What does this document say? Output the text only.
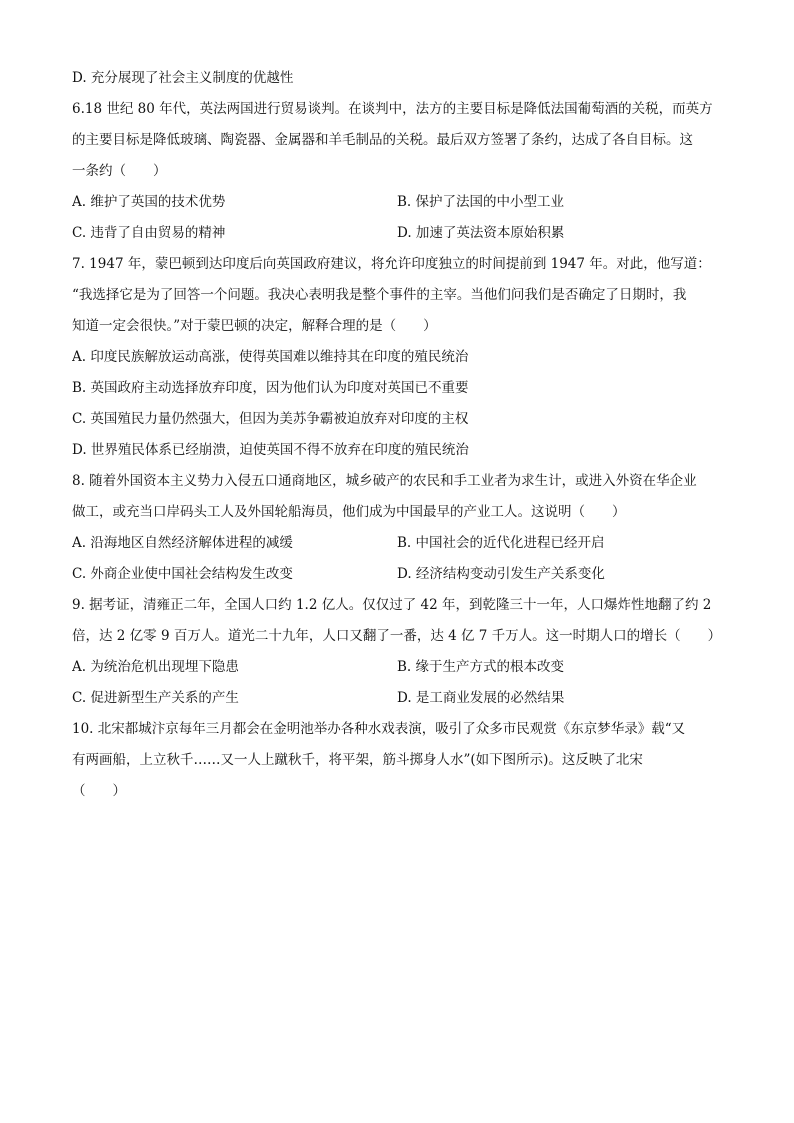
D. 充分展现了社会主义制度的优越性
6.18 世纪 80 年代，英法两国进行贸易谈判。在谈判中，法方的主要目标是降低法国葡萄酒的关税，而英方
的主要目标是降低玻璃、陶瓷器、金属器和羊毛制品的关税。最后双方签署了条约，达成了各自目标。这
一条约（　　）
A. 维护了英国的技术优势	B. 保护了法国的中小型工业
C. 违背了自由贸易的精神	D. 加速了英法资本原始积累
7. 1947 年，蒙巴顿到达印度后向英国政府建议，将允许印度独立的时间提前到 1947 年。对此，他写道：
“我选择它是为了回答一个问题。我决心表明我是整个事件的主宰。当他们问我们是否确定了日期时，我
知道一定会很快。”对于蒙巴顿的决定，解释合理的是（　　）
A. 印度民族解放运动高涨，使得英国难以维持其在印度的殖民统治
B. 英国政府主动选择放弃印度，因为他们认为印度对英国已不重要
C. 英国殖民力量仍然强大，但因为美苏争霸被迫放弃对印度的主权
D. 世界殖民体系已经崩溃，迫使英国不得不放弃在印度的殖民统治
8. 随着外国资本主义势力入侵五口通商地区，城乡破产的农民和手工业者为求生计，或进入外资在华企业
做工，或充当口岸码头工人及外国轮船海员，他们成为中国最早的产业工人。这说明（　　）
A. 沿海地区自然经济解体进程的减缓	B. 中国社会的近代化进程已经开启
C. 外商企业使中国社会结构发生改变	D. 经济结构变动引发生产关系变化
9. 据考证，清雍正二年，全国人口约 1.2 亿人。仅仅过了 42 年，到乾隆三十一年，人口爆炸性地翻了约 2
倍，达 2 亿零 9 百万人。道光二十九年，人口又翻了一番，达 4 亿 7 千万人。这一时期人口的增长（　　）
A. 为统治危机出现埋下隐患	B. 缘于生产方式的根本改变
C. 促进新型生产关系的产生	D. 是工商业发展的必然结果
10. 北宋都城汴京每年三月都会在金明池举办各种水戏表演，吸引了众多市民观赏《东京梦华录》载“又
有两画船，上立秋千……又一人上蹴秋千，将平架，筋斗掷身人水”(如下图所示)。这反映了北宋
（　　）
